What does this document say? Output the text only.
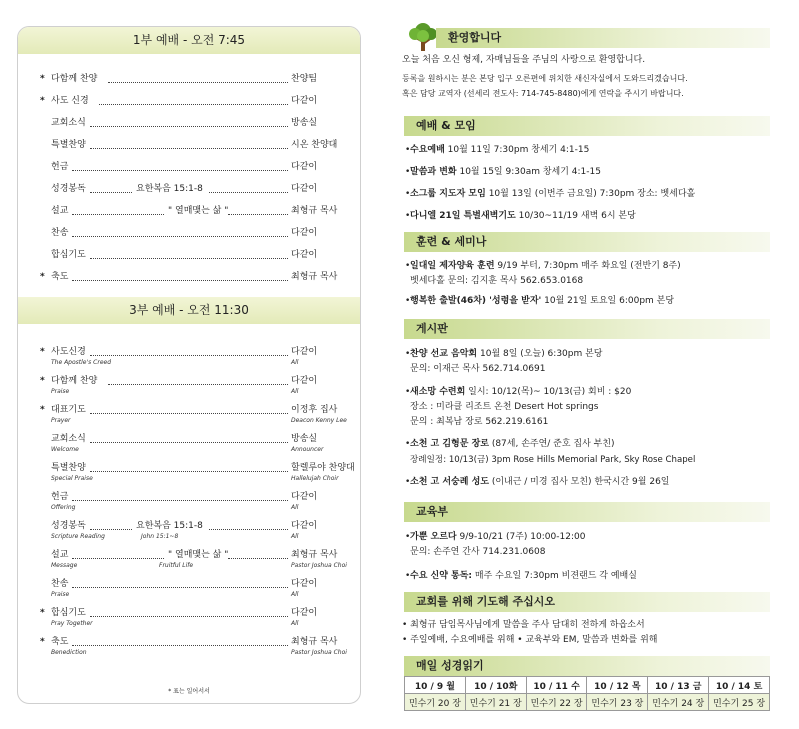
1부 예배 - 오전 7:45
* 다함께 찬양	찬양팀
* 사도 신경	다같이
교회소식	방송실
특별찬양	시온 찬양대
헌금	다같이
성경봉독	요한복음 15:1-8	다같이
설교	" 열매맺는 삶 "	최형규 목사
찬송	다같이
합심기도	다같이
* 축도	최형규 목사
3부 예배 - 오전 11:30
* 사도신경	다같이
The Apostle's Creed	All
* 다함께 찬양	다같이
Praise	All
* 대표기도	이정후 집사
Prayer	Deacon Kenny Lee
교회소식	방송실
Welcome	Announcer
특별찬양	할렐루야 찬양대
Special Praise	Hallelujah Choir
헌금	다같이
Offering	All
성경봉독	요한복음 15:1-8	다같이
Scripture Reading	John 15:1~8	All
설교	" 열매맺는 삶 "	최형규 목사
Message	Fruitful Life	Pastor Joshua Choi
찬송	다같이
Praise	All
* 합심기도	다같이
Pray Together	All
* 축도	최형규 목사
Benediction	Pastor Joshua Choi
* 표는 일어서서
환영합니다
오늘 처음 오신 형제, 자매님들을 주님의 사랑으로 환영합니다.
등록을 원하시는 분은 본당 입구 오른편에 위치한 새신자실에서 도와드리겠습니다.
혹은 담당 교역자 (선세리 전도사: 714-745-8480)에게 연락을 주시기 바랍니다.
예배 & 모임
• 수요예배 10월 11일 7:30pm 창세기 4:1-15
• 말씀과 변화 10월 15일 9:30am 창세기 4:1-15
• 소그룹 지도자 모임 10월 13일 (이번주 금요일) 7:30pm 장소: 벳세다홀
• 다니엘 21일 특별새벽기도 10/30~11/19 새벽 6시 본당
훈련 & 세미나
• 일대일 제자양육 훈련 9/19 부터, 7:30pm 매주 화요일 (전반기 8주)
벳세다홀 문의: 김지훈 목사 562.653.0168
• 행복한 출발(46차) '성령을 받자' 10월 21일 토요일 6:00pm 본당
게시판
• 찬양 선교 음악회 10월 8일 (오늘) 6:30pm 본당
문의: 이재근 목사 562.714.0691
• 새소망 수련회 일시: 10/12(목)~ 10/13(금) 회비 : $20
장소 : 미라클 리조트 온천 Desert Hot springs
문의 : 최복남 장로 562.219.6161
• 소천 고 김형문 장로 (87세, 손주연/ 준호 집사 부친)
장례일정: 10/13(금) 3pm Rose Hills Memorial Park, Sky Rose Chapel
• 소천 고 서숭례 성도 (이내근 / 미경 집사 모친) 한국시간 9월 26일
교육부
• 가뿐 오르다 9/9-10/21 (7주) 10:00-12:00
문의: 손주연 간사 714.231.0608
• 수요 신약 통독: 매주 수요일 7:30pm 비젼랜드 각 예배실
교회를 위해 기도해 주십시오
• 최형규 담임목사님에게 말씀을 주사 담대히 전하게 하옵소서
• 주일예배, 수요예배를 위해 • 교육부와 EM, 말씀과 변화를 위해
매일 성경읽기
10 / 9 월	10 / 10화	10 / 11 수	10 / 12 목	10 / 13 금	10 / 14 토
민수기 20 장	민수기 21 장	민수기 22 장	민수기 23 장	민수기 24 장	민수기 25 장
